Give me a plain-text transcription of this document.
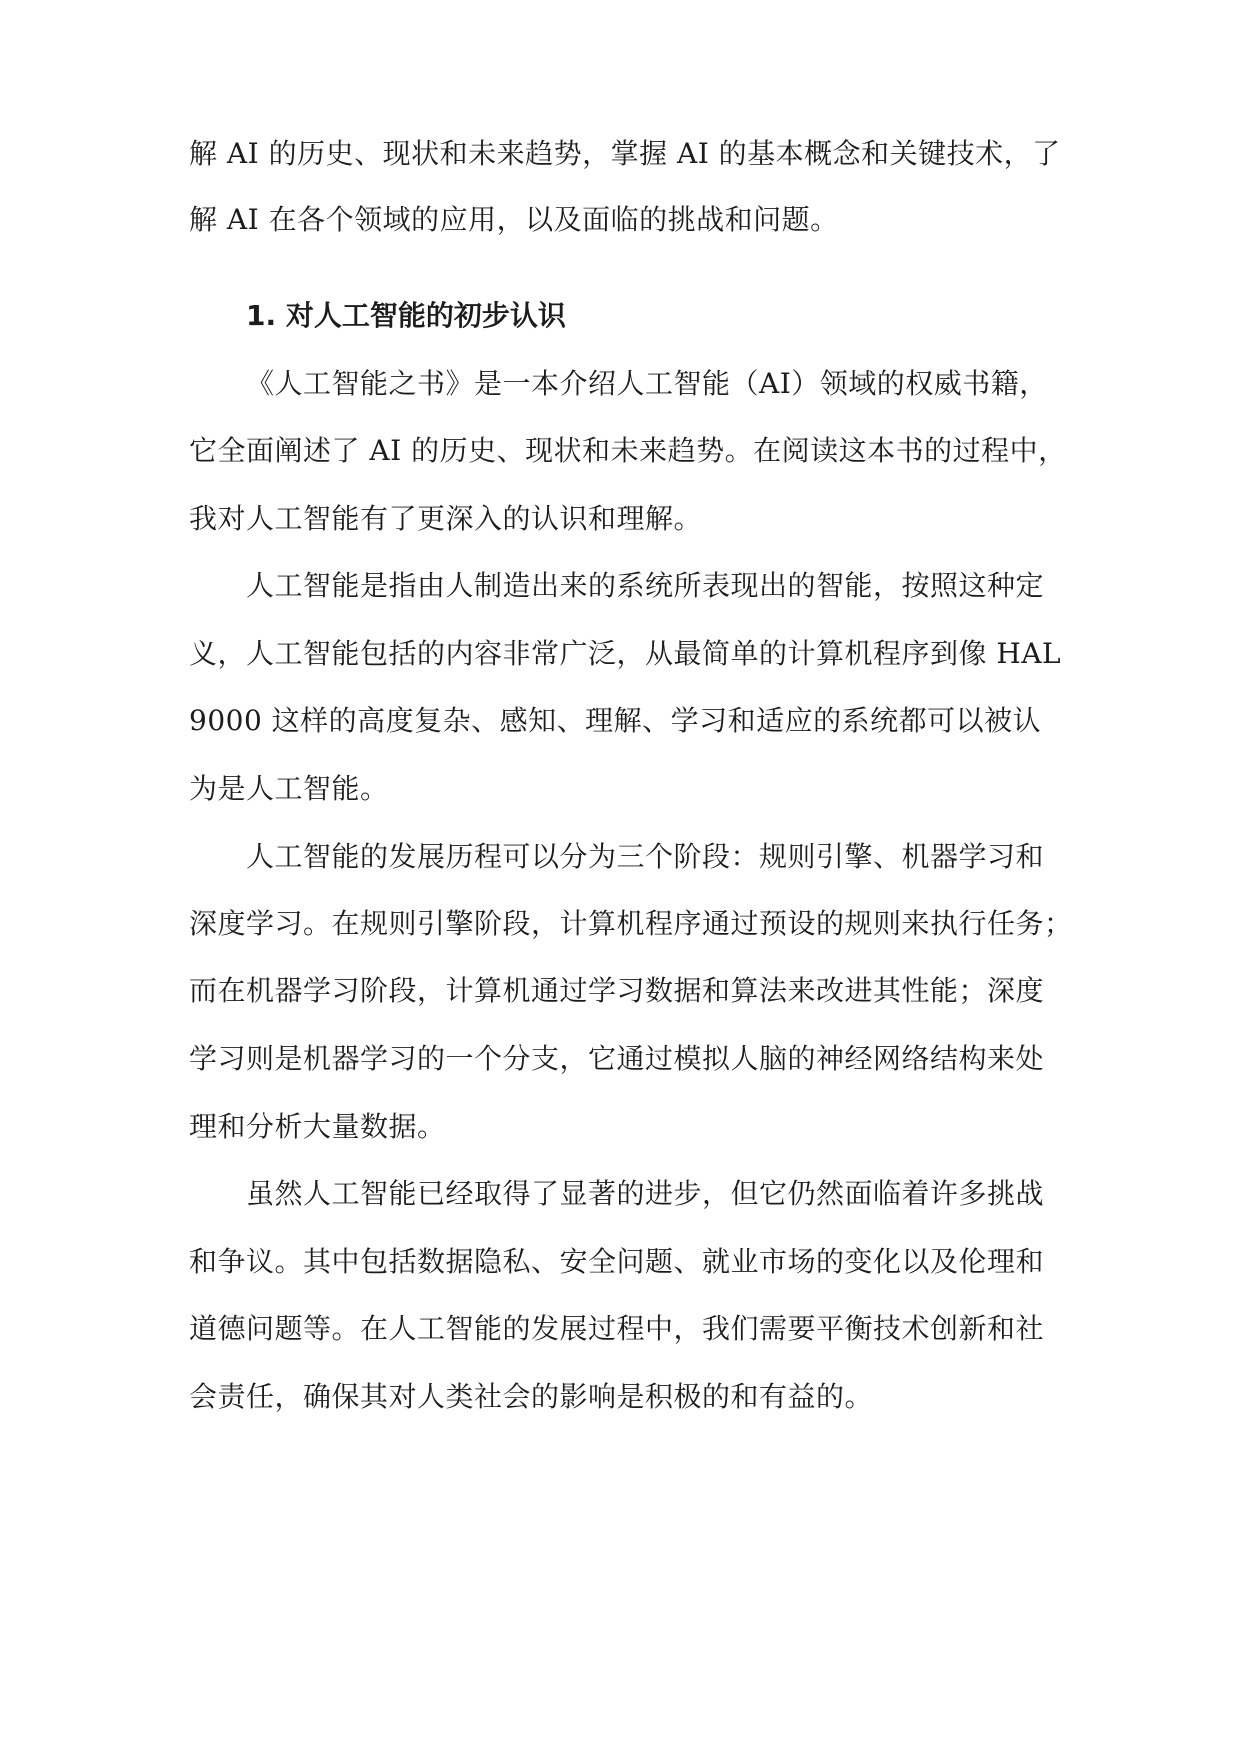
解 AI 的历史、现状和未来趋势，掌握 AI 的基本概念和关键技术，了
解 AI 在各个领域的应用，以及面临的挑战和问题。
1. 对人工智能的初步认识
《人工智能之书》是一本介绍人工智能（AI）领域的权威书籍，
它全面阐述了 AI 的历史、现状和未来趋势。在阅读这本书的过程中，
我对人工智能有了更深入的认识和理解。
人工智能是指由人制造出来的系统所表现出的智能，按照这种定
义，人工智能包括的内容非常广泛，从最简单的计算机程序到像 HAL
9000 这样的高度复杂、感知、理解、学习和适应的系统都可以被认
为是人工智能。
人工智能的发展历程可以分为三个阶段：规则引擎、机器学习和
深度学习。在规则引擎阶段，计算机程序通过预设的规则来执行任务；
而在机器学习阶段，计算机通过学习数据和算法来改进其性能；深度
学习则是机器学习的一个分支，它通过模拟人脑的神经网络结构来处
理和分析大量数据。
虽然人工智能已经取得了显著的进步，但它仍然面临着许多挑战
和争议。其中包括数据隐私、安全问题、就业市场的变化以及伦理和
道德问题等。在人工智能的发展过程中，我们需要平衡技术创新和社
会责任，确保其对人类社会的影响是积极的和有益的。
